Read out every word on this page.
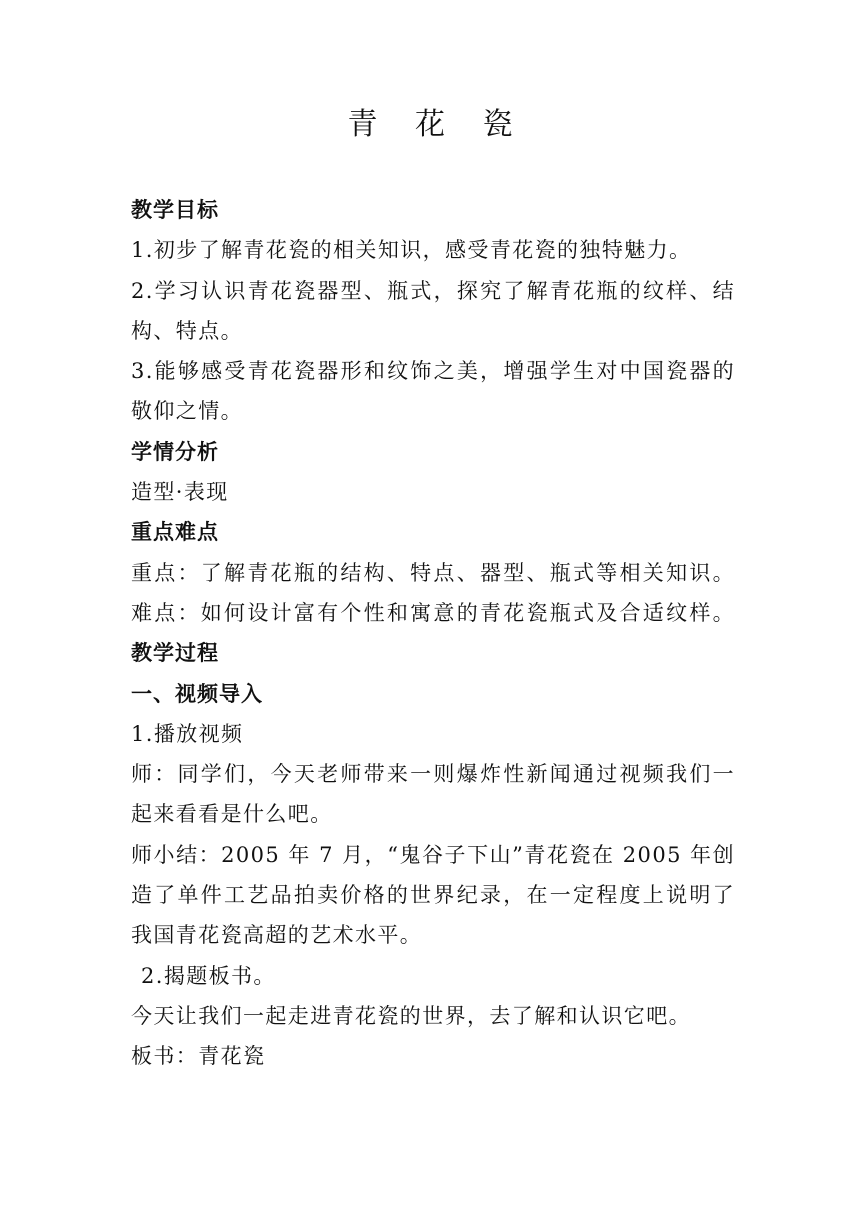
青 花 瓷
教学目标
1.初步了解青花瓷的相关知识，感受青花瓷的独特魅力。
2.学习认识青花瓷器型、瓶式，探究了解青花瓶的纹样、结
构、特点。
3.能够感受青花瓷器形和纹饰之美，增强学生对中国瓷器的
敬仰之情。
学情分析
造型·表现
重点难点
重点：了解青花瓶的结构、特点、器型、瓶式等相关知识。
难点：如何设计富有个性和寓意的青花瓷瓶式及合适纹样。
教学过程
一、视频导入
1.播放视频
师：同学们，今天老师带来一则爆炸性新闻通过视频我们一
起来看看是什么吧。
师小结：2005 年 7 月，“鬼谷子下山”青花瓷在 2005 年创
造了单件工艺品拍卖价格的世界纪录，在一定程度上说明了
我国青花瓷高超的艺术水平。
2.揭题板书。
今天让我们一起走进青花瓷的世界，去了解和认识它吧。
板书：青花瓷
